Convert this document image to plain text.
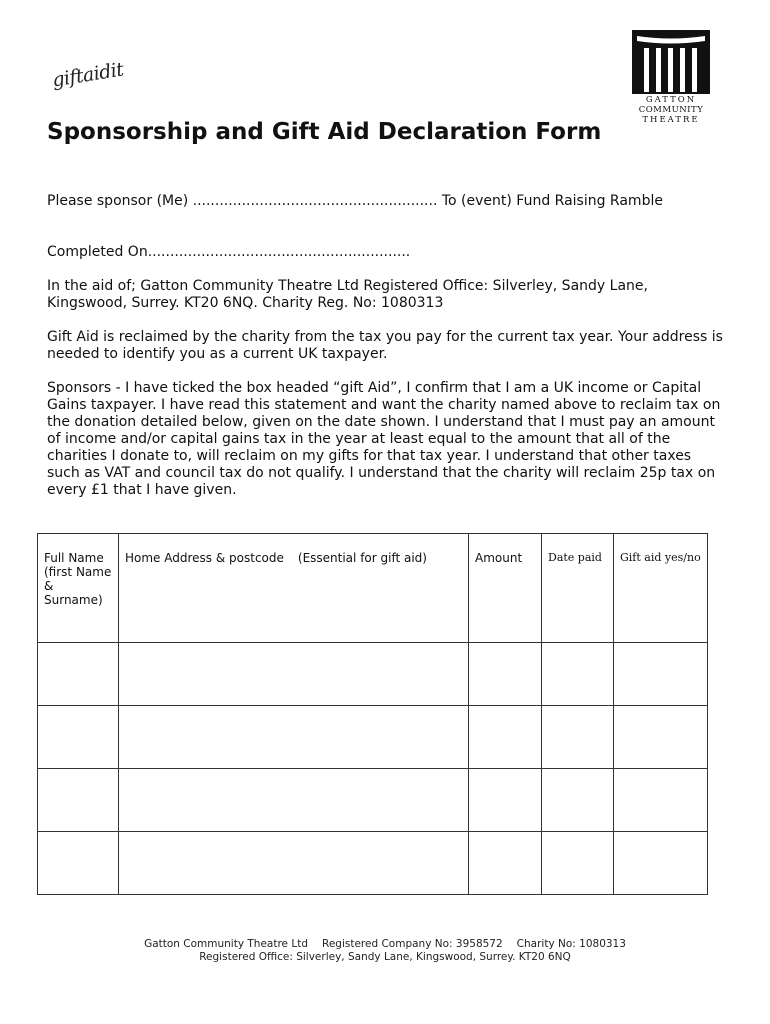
giftaidit
GATTON
COMMUNITY
THEATRE
Sponsorship and Gift Aid Declaration Form

Please sponsor (Me) ....................................................... To (event) Fund Raising Ramble

Completed On...........................................................

In the aid of; Gatton Community Theatre Ltd Registered Office: Silverley, Sandy Lane, Kingswood, Surrey. KT20 6NQ. Charity Reg. No: 1080313

Gift Aid is reclaimed by the charity from the tax you pay for the current tax year. Your address is needed to identify you as a current UK taxpayer.

Sponsors - I have ticked the box headed “gift Aid”, I confirm that I am a UK income or Capital Gains taxpayer. I have read this statement and want the charity named above to reclaim tax on the donation detailed below, given on the date shown. I understand that I must pay an amount of income and/or capital gains tax in the year at least equal to the amount that all of the charities I donate to, will reclaim on my gifts for that tax year. I understand that other taxes such as VAT and council tax do not qualify. I understand that the charity will reclaim 25p tax on every £1 that I have given.

Full Name (first Name & Surname)	Home Address & postcode (Essential for gift aid)	Amount	Date paid	Gift aid yes/no

Gatton Community Theatre Ltd Registered Company No: 3958572 Charity No: 1080313
Registered Office: Silverley, Sandy Lane, Kingswood, Surrey. KT20 6NQ
